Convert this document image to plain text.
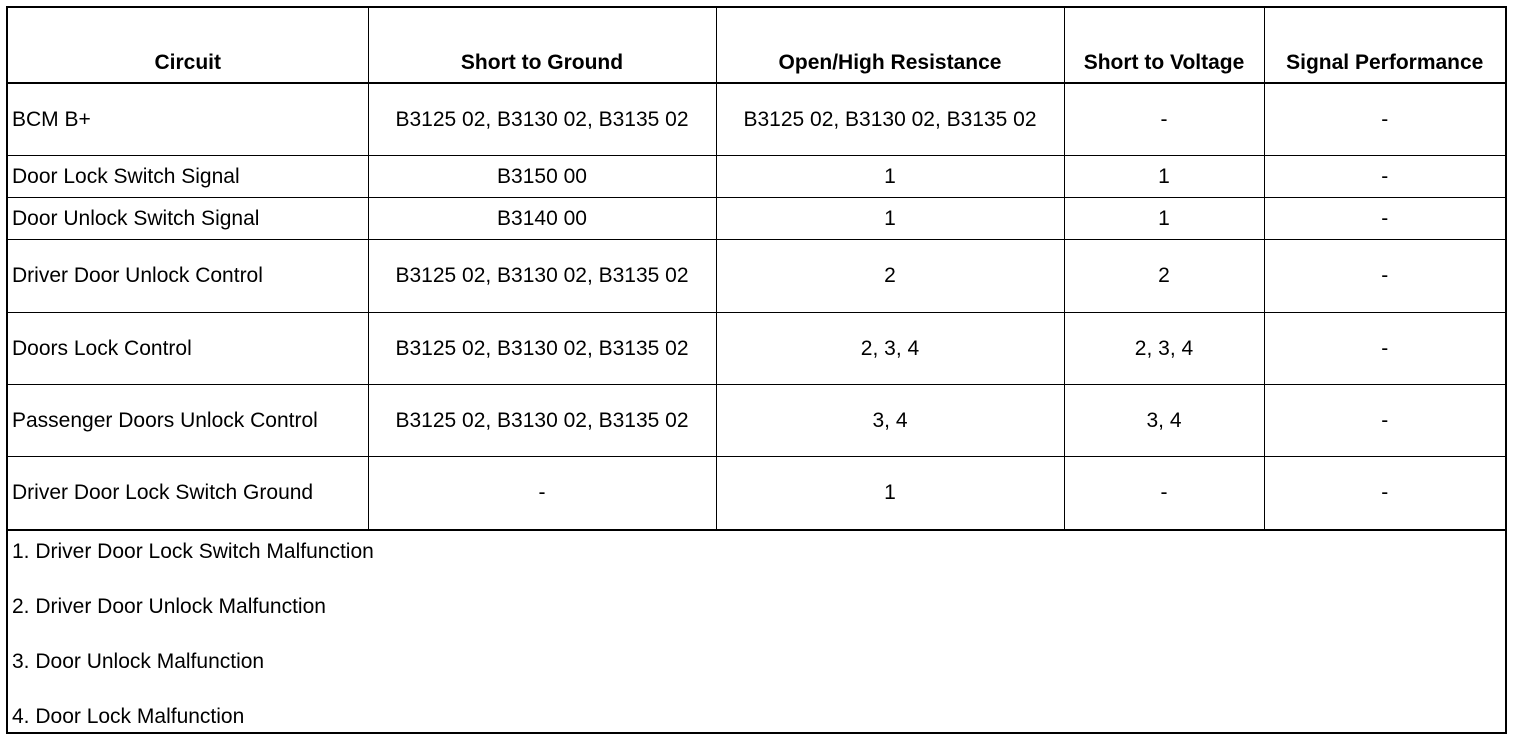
Circuit	Short to Ground	Open/High Resistance	Short to Voltage	Signal Performance
BCM B+	B3125 02, B3130 02, B3135 02	B3125 02, B3130 02, B3135 02	-	-
Door Lock Switch Signal	B3150 00	1	1	-
Door Unlock Switch Signal	B3140 00	1	1	-
Driver Door Unlock Control	B3125 02, B3130 02, B3135 02	2	2	-
Doors Lock Control	B3125 02, B3130 02, B3135 02	2, 3, 4	2, 3, 4	-
Passenger Doors Unlock Control	B3125 02, B3130 02, B3135 02	3, 4	3, 4	-
Driver Door Lock Switch Ground	-	1	-	-
1. Driver Door Lock Switch Malfunction
2. Driver Door Unlock Malfunction
3. Door Unlock Malfunction
4. Door Lock Malfunction
